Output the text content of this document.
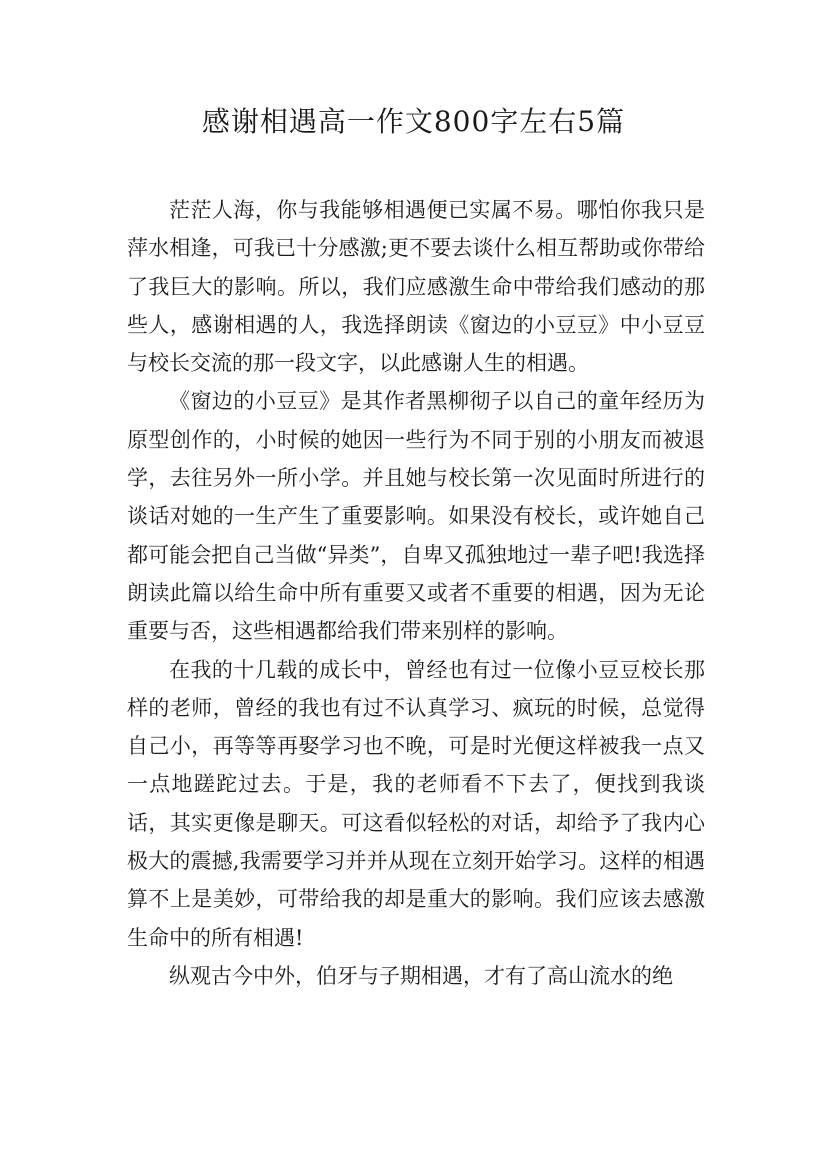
感谢相遇高一作文800字左右5篇

茫茫人海，你与我能够相遇便已实属不易。哪怕你我只是萍水相逢，可我已十分感激;更不要去谈什么相互帮助或你带给了我巨大的影响。所以，我们应感激生命中带给我们感动的那些人，感谢相遇的人，我选择朗读《窗边的小豆豆》中小豆豆与校长交流的那一段文字，以此感谢人生的相遇。

《窗边的小豆豆》是其作者黑柳彻子以自己的童年经历为原型创作的，小时候的她因一些行为不同于别的小朋友而被退学，去往另外一所小学。并且她与校长第一次见面时所进行的谈话对她的一生产生了重要影响。如果没有校长，或许她自己都可能会把自己当做“异类”，自卑又孤独地过一辈子吧!我选择朗读此篇以给生命中所有重要又或者不重要的相遇，因为无论重要与否，这些相遇都给我们带来别样的影响。

在我的十几载的成长中，曾经也有过一位像小豆豆校长那样的老师，曾经的我也有过不认真学习、疯玩的时候，总觉得自己小，再等等再娶学习也不晚，可是时光便这样被我一点又一点地蹉跎过去。于是，我的老师看不下去了，便找到我谈话，其实更像是聊天。可这看似轻松的对话，却给予了我内心极大的震撼,我需要学习并并从现在立刻开始学习。这样的相遇算不上是美妙，可带给我的却是重大的影响。我们应该去感激生命中的所有相遇!

纵观古今中外，伯牙与子期相遇，才有了高山流水的绝
